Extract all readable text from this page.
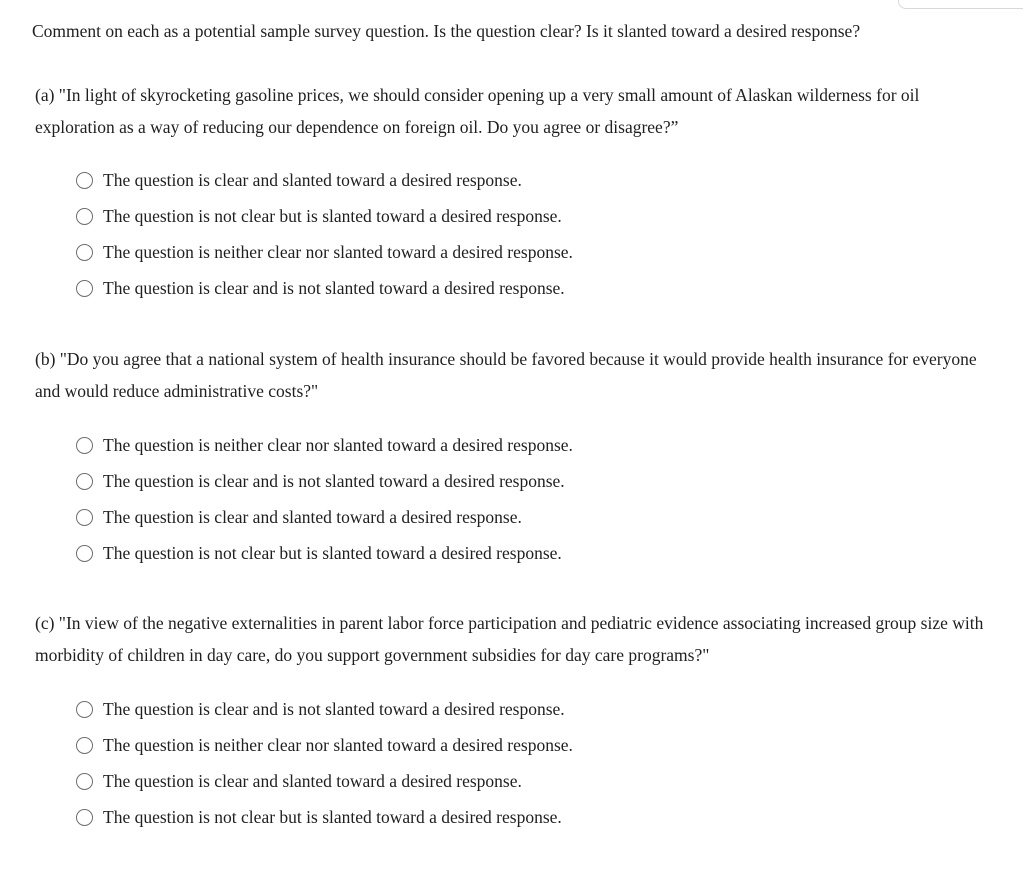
Comment on each as a potential sample survey question. Is the question clear? Is it slanted toward a desired response?
(a) "In light of skyrocketing gasoline prices, we should consider opening up a very small amount of Alaskan wilderness for oil exploration as a way of reducing our dependence on foreign oil. Do you agree or disagree?”
The question is clear and slanted toward a desired response.
The question is not clear but is slanted toward a desired response.
The question is neither clear nor slanted toward a desired response.
The question is clear and is not slanted toward a desired response.
(b) "Do you agree that a national system of health insurance should be favored because it would provide health insurance for everyone and would reduce administrative costs?"
The question is neither clear nor slanted toward a desired response.
The question is clear and is not slanted toward a desired response.
The question is clear and slanted toward a desired response.
The question is not clear but is slanted toward a desired response.
(c) "In view of the negative externalities in parent labor force participation and pediatric evidence associating increased group size with morbidity of children in day care, do you support government subsidies for day care programs?"
The question is clear and is not slanted toward a desired response.
The question is neither clear nor slanted toward a desired response.
The question is clear and slanted toward a desired response.
The question is not clear but is slanted toward a desired response.
